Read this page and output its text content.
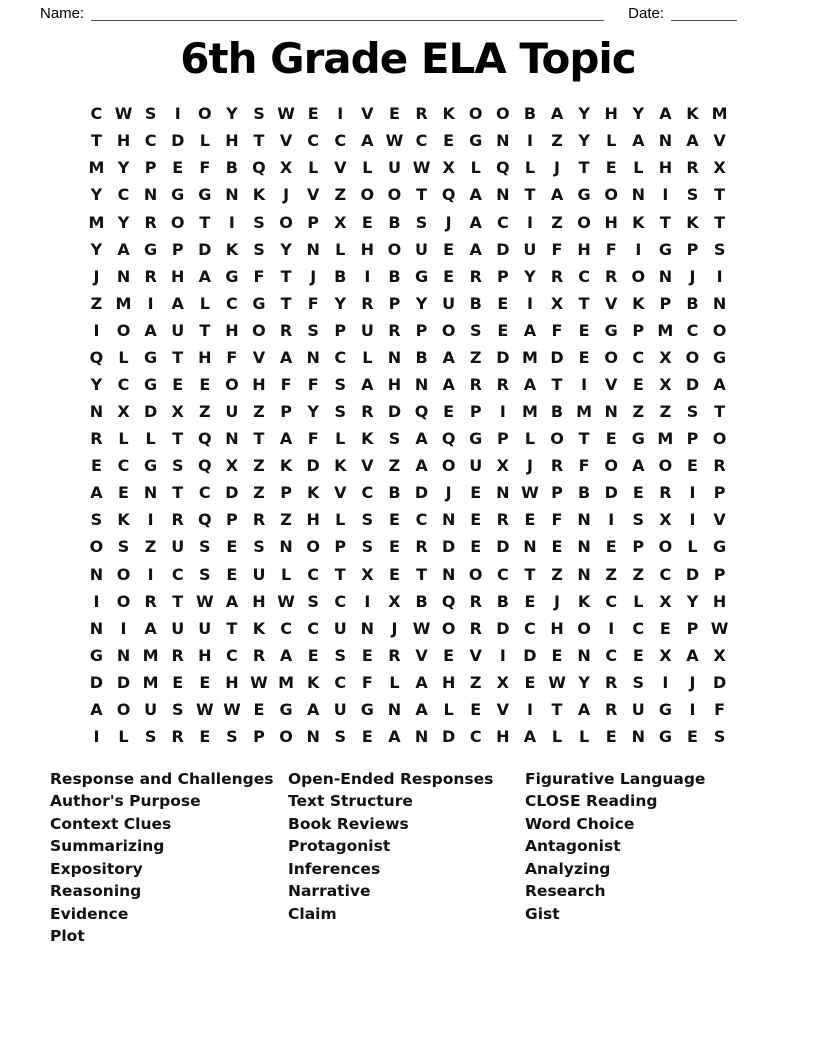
Name:	Date:
6th Grade ELA Topic
C W S	I	O Y S W E	I	V E R K O O B A Y H Y A K M
T H C D L H T V C C A W C E G N	I	Z Y	L A N A V
M Y P E	F B Q X L V L U W X L Q L	J	T	E	L H R X
Y C N G G N K	J	V Z O O T Q A N T A G O N	I	S T
M Y R O T	I	S O P X E B S	J	A C	I	Z O H K T K T
Y A G P D K S Y N L H O U E A D U F H F	I	G P S
J	N R H A G F	T	J	B	I	B G E R P Y R C R O N	J	I
Z M	I	A L	C G T	F Y R P Y U B E	I	X T V K P B N
I	O A U T H O R S P U R P O S E A F	E G P M C O
Q L G T H F V A N C	L N B A Z D M D E O C X O G
Y C G E	E O H F	F S A H N A R R A T	I	V E X D A
N X D X Z U Z P Y S R D Q E P	I	M B M N Z Z S T
R L	L	T Q N T A F	L K S A Q G P	L O T	E G M P O
E C G S Q X Z K D K V Z A O U X	J	R F O A O E R
A E N T C D Z P K V C B D	J	E N W P B D E R	I	P
S K	I	R Q P R Z H L	S E C N E R E	F N	I	S X	I	V
O S Z U S E S N O P S E R D E D N E N E P O L G
N O	I	C S E U L	C T X E	T N O C T Z N Z Z C D P
I	O R T W A H W S C	I	X B Q R B E	J	K C	L X Y H
N	I	A U U T K C C U N	J W O R D C H O	I	C E P W
G N M R H C R A E S E R V E V	I	D E N C E X A X
D D M E	E H W M K C F	L A H Z X E W Y R S	I	J	D
A O U S W W E G A U G N A L	E V	I	T A R U G	I	F
I	L	S R E S P O N S E A N D C H A L	L	E N G E S
Response and Challenges
Author's Purpose
Context Clues
Summarizing
Expository
Reasoning
Evidence
Plot
Open-Ended Responses
Text Structure
Book Reviews
Protagonist
Inferences
Narrative
Claim
Figurative Language
CLOSE Reading
Word Choice
Antagonist
Analyzing
Research
Gist
